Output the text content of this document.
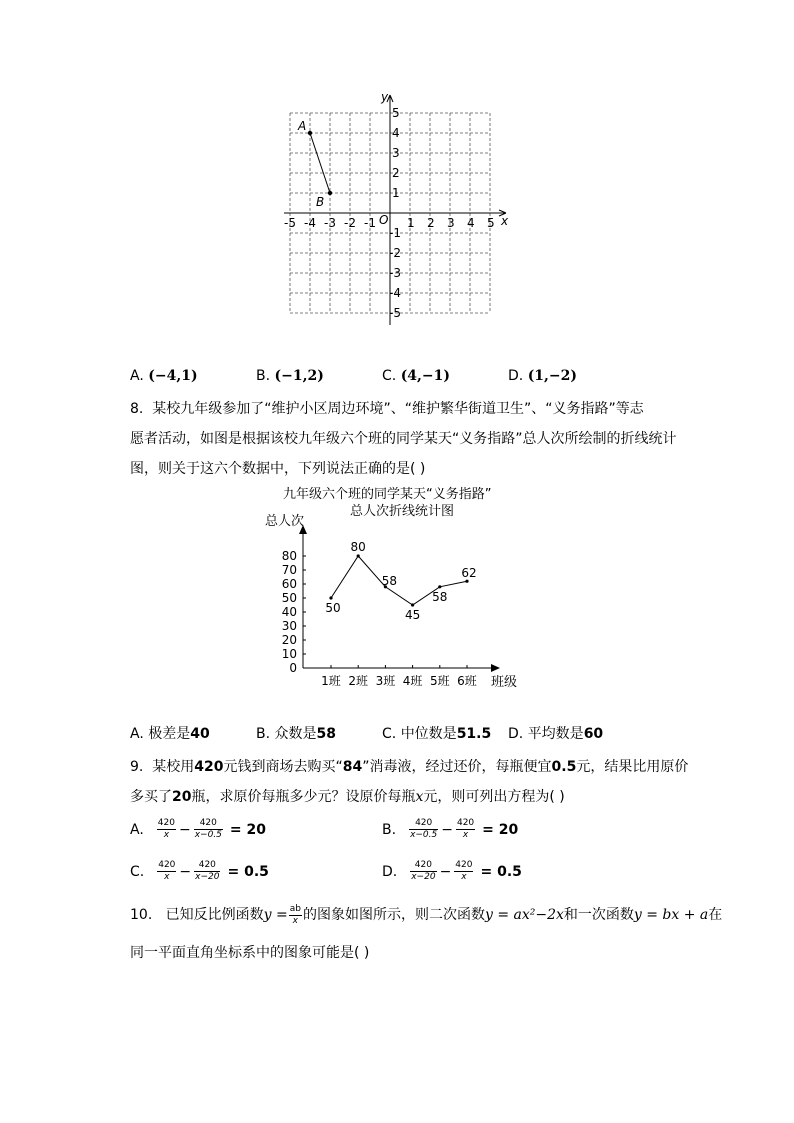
x
y
O
-5 -4 -3 -2 -1	1 2 3 4 5
5
4
3
2
1
-1
-2
-3
-4
-5
A
B
A. (−4,1)	B. (−1,2)	C. (4,−1)	D. (1,−2)
8. 某校九年级参加了“维护小区周边环境”、“维护繁华街道卫生”、“义务指路”等志
愿者活动，如图是根据该校九年级六个班的同学某天“义务指路”总人次所绘制的折线统计
图，则关于这六个数据中，下列说法正确的是( )
九年级六个班的同学某天“义务指路”
总人次折线统计图
总人次
班级
0
10
20
30
40
50
60
70
80
1班 2班 3班 4班 5班 6班
50
80
58
45
58
62
A. 极差是40	B. 众数是58	C. 中位数是51.5 D. 平均数是60
9. 某校用420元钱到商场去购买“84”消毒液，经过还价，每瓶便宜0.5元，结果比用原价
多买了20瓶，求原价每瓶多少元？设原价每瓶x元，则可列出方程为( )
A. $\frac{420}{x} - \frac{420}{x-0.5} = 20$	B. $\frac{420}{x-0.5} - \frac{420}{x} = 20$
C. $\frac{420}{x} - \frac{420}{x-20} = 0.5$	D. $\frac{420}{x-20} - \frac{420}{x} = 0.5$
10.
已知反比例函数 $y = \frac{ab}{x}$ 的图象如图所示，则二次函数 y = ax²−2x 和一次函数 y = bx + a 在
同一平面直角坐标系中的图象可能是( )
